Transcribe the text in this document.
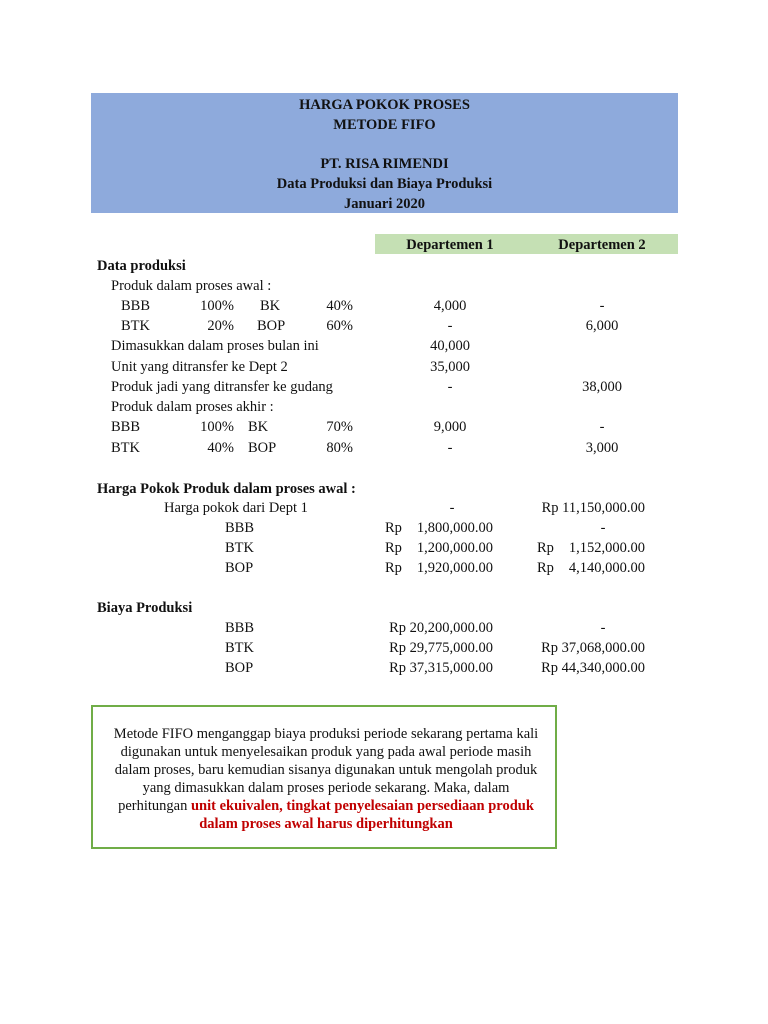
HARGA POKOK PROSES
METODE FIFO
PT. RISA RIMENDI
Data Produksi dan Biaya Produksi
Januari 2020
Departemen 1	Departemen 2
Data produksi
Produk dalam proses awal :
BBB	100% BK	40%	4,000	-
BTK	20% BOP	60%	-	6,000
Dimasukkan dalam proses bulan ini	40,000
Unit yang ditransfer ke Dept 2	35,000
Produk jadi yang ditransfer ke gudang	-	38,000
Produk dalam proses akhir :
BBB	100% BK	70%	9,000	-
BTK	40% BOP	80%	-	3,000
Harga Pokok Produk dalam proses awal :
Harga pokok dari Dept 1	-	Rp 11,150,000.00
BBB	Rp 1,800,000.00	-
BTK	Rp 1,200,000.00	Rp 1,152,000.00
BOP	Rp 1,920,000.00	Rp 4,140,000.00
Biaya Produksi
BBB	Rp 20,200,000.00	-
BTK	Rp 29,775,000.00	Rp 37,068,000.00
BOP	Rp 37,315,000.00	Rp 44,340,000.00
Metode FIFO menganggap biaya produksi periode sekarang pertama kali
digunakan untuk menyelesaikan produk yang pada awal periode masih
dalam proses, baru kemudian sisanya digunakan untuk mengolah produk
yang dimasukkan dalam proses periode sekarang. Maka, dalam
perhitungan unit ekuivalen, tingkat penyelesaian persediaan produk
dalam proses awal harus diperhitungkan
